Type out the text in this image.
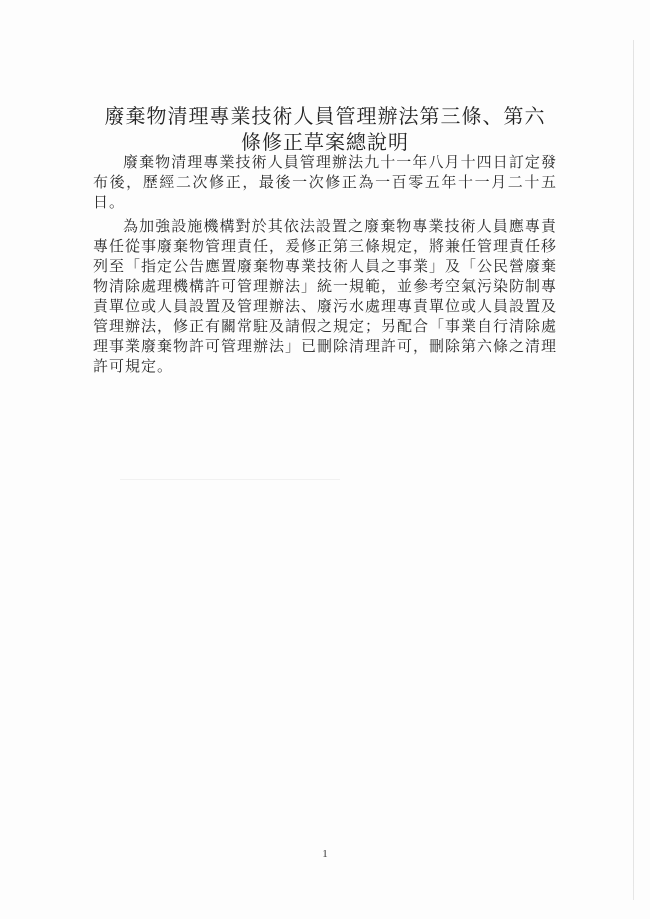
廢棄物清理專業技術人員管理辦法第三條、第六
條修正草案總說明

廢棄物清理專業技術人員管理辦法九十一年八月十四日訂定發布後，歷經二次修正，最後一次修正為一百零五年十一月二十五日。

為加強設施機構對於其依法設置之廢棄物專業技術人員應專責專任從事廢棄物管理責任，爰修正第三條規定，將兼任管理責任移列至「指定公告應置廢棄物專業技術人員之事業」及「公民營廢棄物清除處理機構許可管理辦法」統一規範，並參考空氣污染防制專責單位或人員設置及管理辦法、廢污水處理專責單位或人員設置及管理辦法，修正有關常駐及請假之規定；另配合「事業自行清除處理事業廢棄物許可管理辦法」已刪除清理許可，刪除第六條之清理許可規定。

1
